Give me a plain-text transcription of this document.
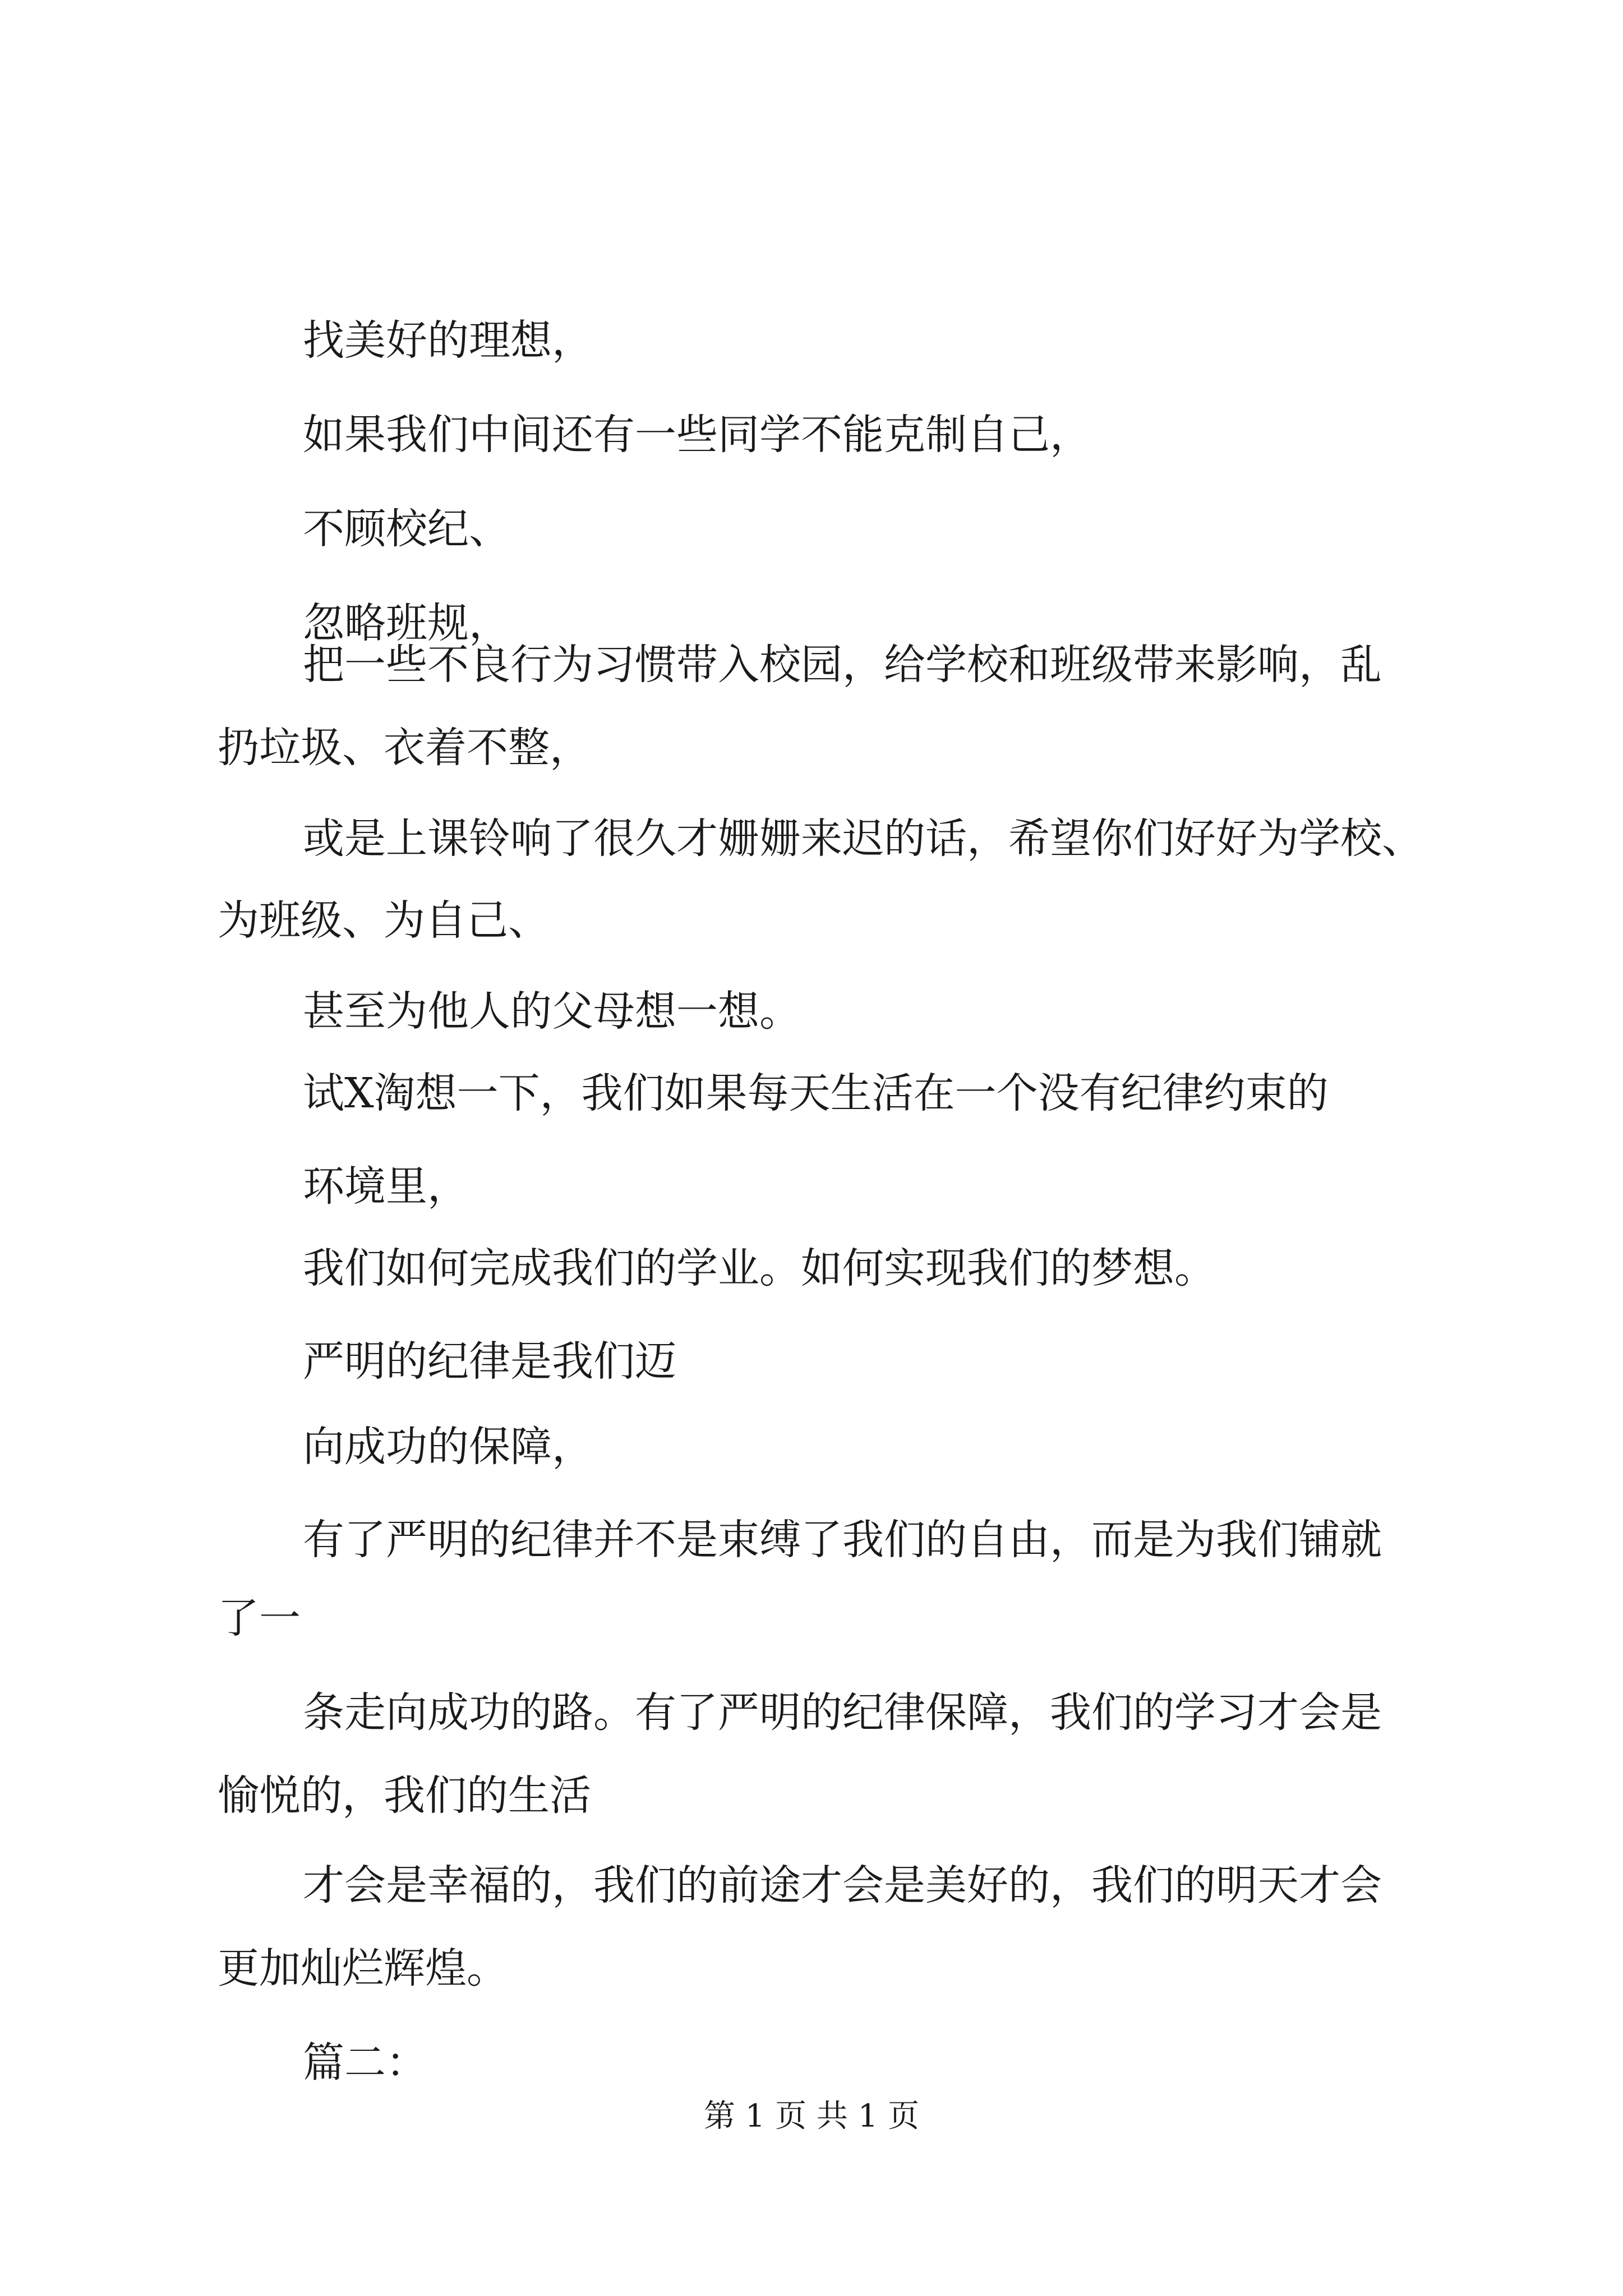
找美好的理想，
如果我们中间还有一些同学不能克制自己，
不顾校纪、
忽略班规，
把一些不良行为习惯带入校园，给学校和班级带来影响，乱
扔垃圾、衣着不整，
或是上课铃响了很久才姗姗来迟的话，希望你们好好为学校、
为班级、为自己、
甚至为他人的父母想一想。
试X淘想一下，我们如果每天生活在一个没有纪律约束的
环境里，
我们如何完成我们的学业。如何实现我们的梦想。
严明的纪律是我们迈
向成功的保障，
有了严明的纪律并不是束缚了我们的自由，而是为我们铺就
了一
条走向成功的路。有了严明的纪律保障，我们的学习才会是
愉悦的，我们的生活
才会是幸福的，我们的前途才会是美好的，我们的明天才会
更加灿烂辉煌。
篇二：
第 1 页 共 1 页
